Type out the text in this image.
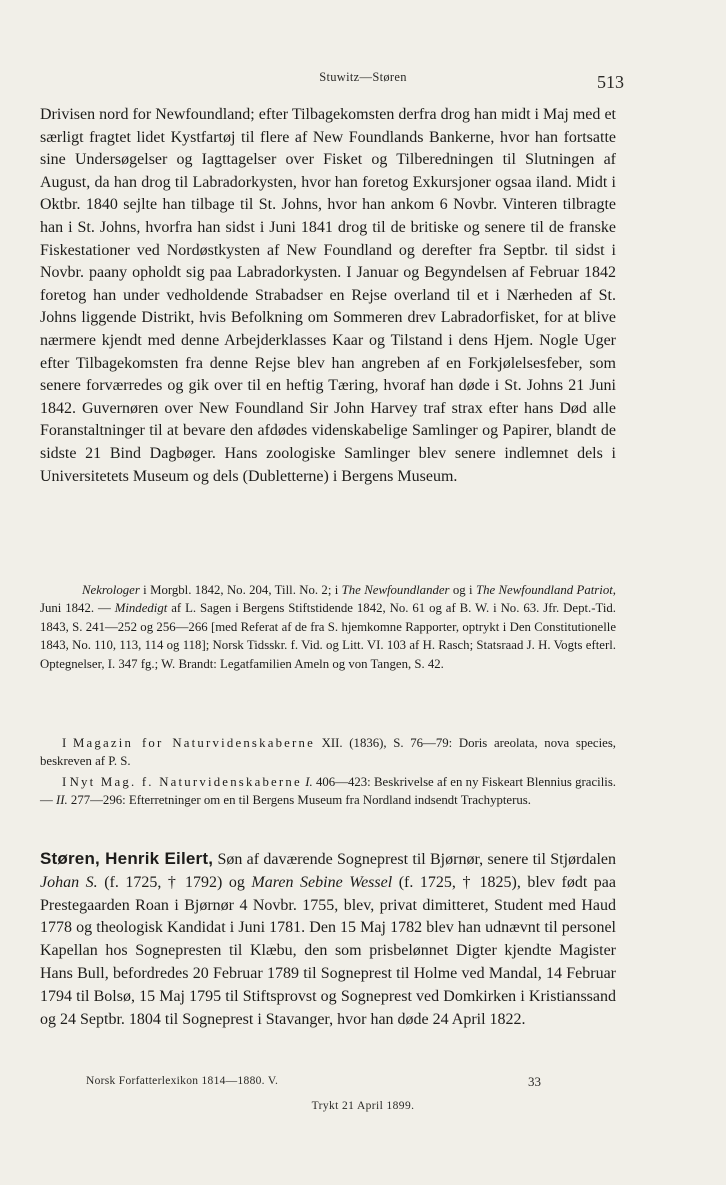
Stuwitz—Støren	513
Drivisen nord for Newfoundland; efter Tilbagekomsten derfra drog han midt i Maj med et særligt fragtet lidet Kystfartøj til flere af New Foundlands Bankerne, hvor han fortsatte sine Undersøgelser og Iagttagelser over Fisket og Tilberedningen til Slutningen af August, da han drog til Labradorkysten, hvor han foretog Exkursjoner ogsaa iland. Midt i Oktbr. 1840 sejlte han tilbage til St. Johns, hvor han ankom 6 Novbr. Vinteren tilbragte han i St. Johns, hvorfra han sidst i Juni 1841 drog til de britiske og senere til de franske Fiskestationer ved Nordøstkysten af New Foundland og derefter fra Septbr. til sidst i Novbr. paany opholdt sig paa Labradorkysten. I Januar og Begyndelsen af Februar 1842 foretog han under vedholdende Strabadser en Rejse overland til et i Nærheden af St. Johns liggende Distrikt, hvis Befolkning om Sommeren drev Labradorfisket, for at blive nærmere kjendt med denne Arbejderklasses Kaar og Tilstand i dens Hjem. Nogle Uger efter Tilbagekomsten fra denne Rejse blev han angreben af en Forkjølelsesfeber, som senere forværredes og gik over til en heftig Tæring, hvoraf han døde i St. Johns 21 Juni 1842. Guvernøren over New Foundland Sir John Harvey traf strax efter hans Død alle Foranstaltninger til at bevare den afdødes videnskabelige Samlinger og Papirer, blandt de sidste 21 Bind Dagbøger. Hans zoologiske Samlinger blev senere indlemnet dels i Universitetets Museum og dels (Dubletterne) i Bergens Museum.

Nekrologer i Morgbl. 1842, No. 204, Till. No. 2; i The Newfoundlander og i The Newfoundland Patriot, Juni 1842. — Mindedigt af L. Sagen i Bergens Stiftstidende 1842, No. 61 og af B. W. i No. 63. Jfr. Dept.-Tid. 1843, S. 241—252 og 256—266 [med Referat af de fra S. hjemkomne Rapporter, optrykt i Den Constitutionelle 1843, No. 110, 113, 114 og 118]; Norsk Tidsskr. f. Vid. og Litt. VI. 103 af H. Rasch; Statsraad J. H. Vogts efterl. Optegnelser, I. 347 fg.; W. Brandt: Legatfamilien Ameln og von Tangen, S. 42.

I Magazin for Naturvidenskaberne XII. (1836), S. 76—79: Doris areolata, nova species, beskreven af P. S.

I Nyt Mag. f. Naturvidenskaberne I. 406—423: Beskrivelse af en ny Fiskeart Blennius gracilis. — II. 277—296: Efterretninger om en til Bergens Museum fra Nordland indsendt Trachypterus.

Støren, Henrik Eilert, Søn af daværende Sogneprest til Bjørnør, senere til Stjørdalen Johan S. (f. 1725, † 1792) og Maren Sebine Wessel (f. 1725, † 1825), blev født paa Prestegaarden Roan i Bjørnør 4 Novbr. 1755, blev, privat dimitteret, Student med Haud 1778 og theologisk Kandidat i Juni 1781. Den 15 Maj 1782 blev han udnævnt til personel Kapellan hos Sognepresten til Klæbu, den som prisbelønnet Digter kjendte Magister Hans Bull, befordredes 20 Februar 1789 til Sogneprest til Holme ved Mandal, 14 Februar 1794 til Bolsø, 15 Maj 1795 til Stiftsprovst og Sogneprest ved Domkirken i Kristianssand og 24 Septbr. 1804 til Sogneprest i Stavanger, hvor han døde 24 April 1822.
Norsk Forfatterlexikon 1814—1880. V.	33
Trykt 21 April 1899.
